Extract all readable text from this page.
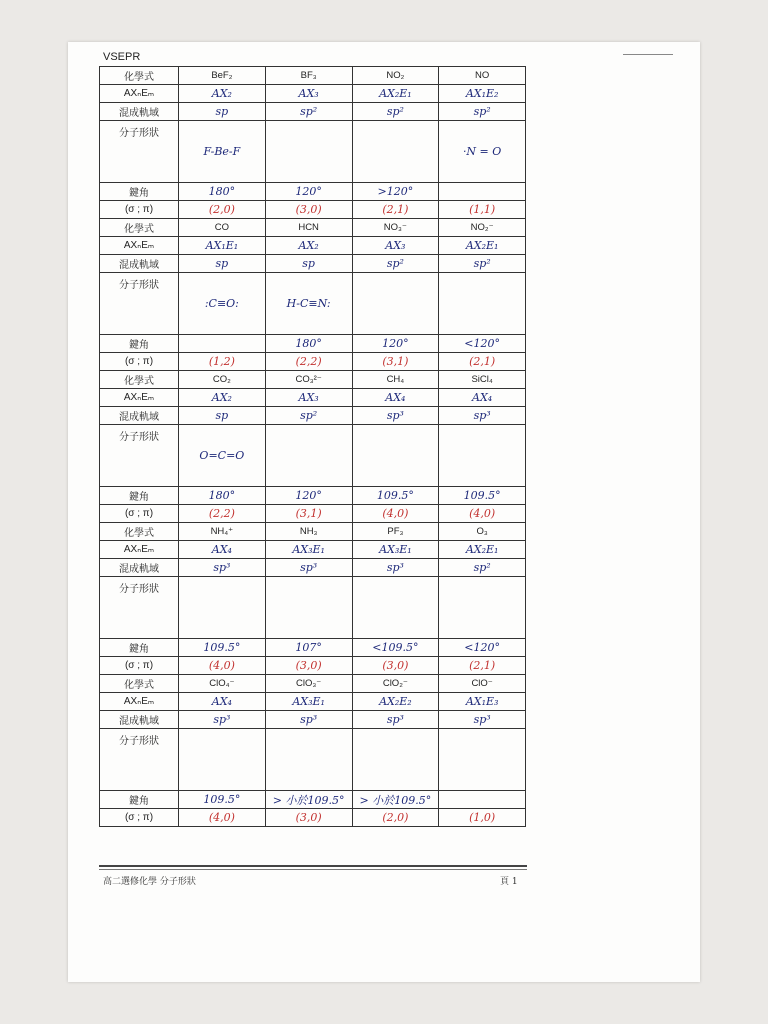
VSEPR
化學式	BeF₂	BF₃	NO₂	NO
AXₙEₘ	AX₂	AX₃	AX₂E₁	AX₁E₂
混成軌域	sp	sp²	sp²	sp²
分子形狀	F-Be-F			·N = O
鍵角	180°	120°	>120°	
(σ ; π)	(2,0)	(3,0)	(2,1)	(1,1)
化學式	CO	HCN	NO₃⁻	NO₂⁻
AXₙEₘ	AX₁E₁	AX₂	AX₃	AX₂E₁
混成軌域	sp	sp	sp²	sp²
分子形狀	:C≡O:	H-C≡N:		
鍵角		180°	120°	<120°
(σ ; π)	(1,2)	(2,2)	(3,1)	(2,1)
化學式	CO₂	CO₃²⁻	CH₄	SiCl₄
AXₙEₘ	AX₂	AX₃	AX₄	AX₄
混成軌域	sp	sp²	sp³	sp³
分子形狀	O=C=O			
鍵角	180°	120°	109.5°	109.5°
(σ ; π)	(2,2)	(3,1)	(4,0)	(4,0)
化學式	NH₄⁺	NH₃	PF₃	O₃
AXₙEₘ	AX₄	AX₃E₁	AX₃E₁	AX₂E₁
混成軌域	sp³	sp³	sp³	sp²
分子形狀				
鍵角	109.5°	107°	<109.5°	<120°
(σ ; π)	(4,0)	(3,0)	(3,0)	(2,1)
化學式	ClO₄⁻	ClO₃⁻	ClO₂⁻	ClO⁻
AXₙEₘ	AX₄	AX₃E₁	AX₂E₂	AX₁E₃
混成軌域	sp³	sp³	sp³	sp³
分子形狀				
鍵角	109.5°	> 小於109.5°	> 小於109.5°	
(σ ; π)	(4,0)	(3,0)	(2,0)	(1,0)
高二選修化學 分子形狀	頁 1
